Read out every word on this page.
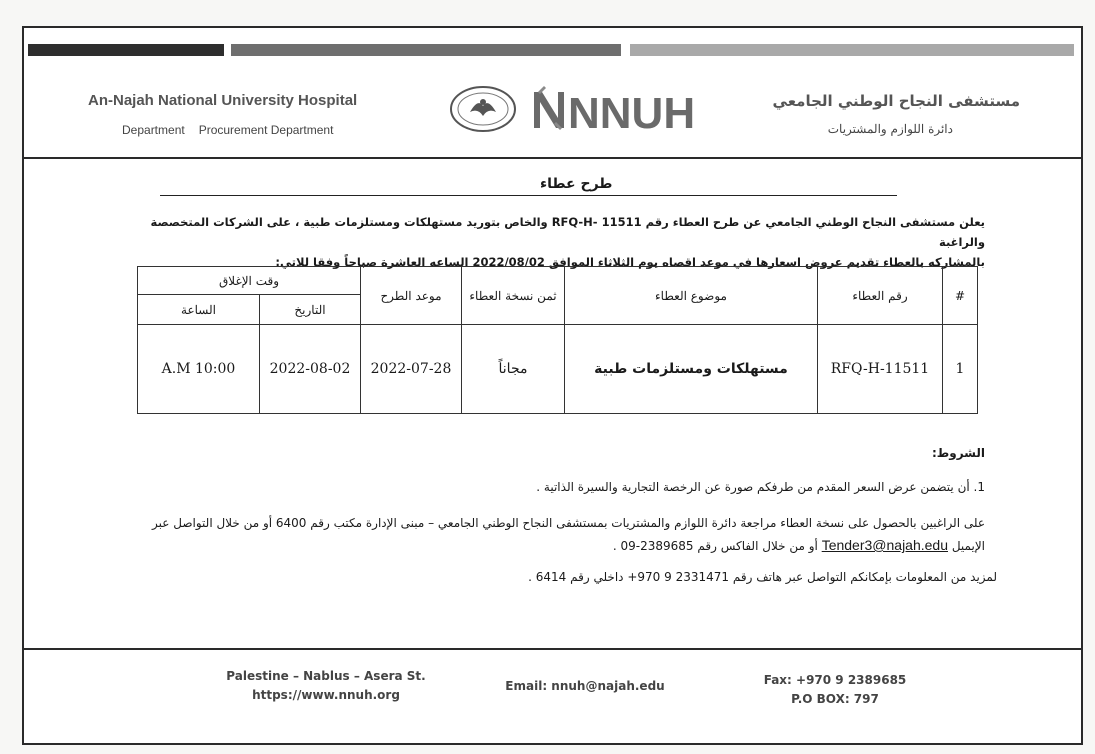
An-Najah National University Hospital
Department Procurement Department	NNUH	مستشفى النجاح الوطني الجامعي
دائرة اللوازم والمشتريات
طرح عطاء
يعلن مستشفى النجاح الوطني الجامعي عن طرح العطاء رقم RFQ-H- 11511 والخاص بتوريد مستهلكات ومستلزمات طبية ، على الشركات المتخصصة والراغبة
بالمشاركه بالعطاء تقديم عروض اسعارها في موعد اقصاه يوم الثلاثاء الموافق 2022/08/02 الساعه العاشرة صباحاً وفقا للاتي:
#	رقم العطاء	موضوع العطاء	ثمن نسخة العطاء	موعد الطرح	وقت الإغلاق	
					التاريخ	الساعة
1	RFQ-H-11511	مستهلكات ومستلزمات طبية	مجاناً	2022-07-28	2022-08-02	A.M 10:00
الشروط:
1. أن يتضمن عرض السعر المقدم من طرفكم صورة عن الرخصة التجارية والسيرة الذاتية .
على الراغبين بالحصول على نسخة العطاء مراجعة دائرة اللوازم والمشتريات بمستشفى النجاح الوطني الجامعي – مبنى الإدارة مكتب رقم 6400 أو من خلال التواصل عبر
الإيميل Tender3@najah.edu أو من خلال الفاكس رقم 2389685-09 .
لمزيد من المعلومات بإمكانكم التواصل عبر هاتف رقم 2331471 9 970+ داخلي رقم 6414 .
Palestine – Nablus – Asera St.
https://www.nnuh.org
Email: nnuh@najah.edu	Fax: +970 9 2389685
P.O BOX: 797
